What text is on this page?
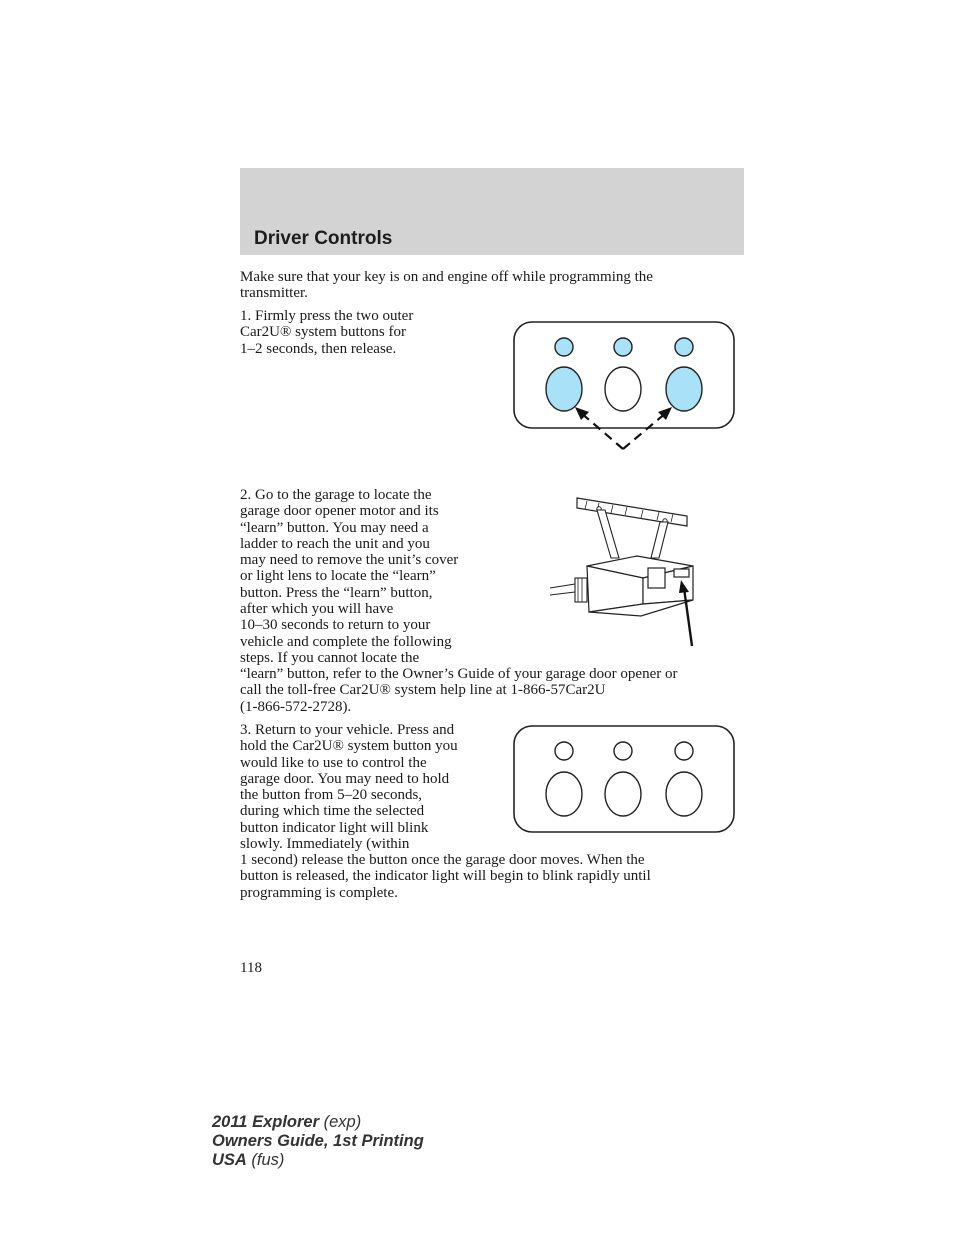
Driver Controls

Make sure that your key is on and engine off while programming the
transmitter.

1. Firmly press the two outer
Car2U® system buttons for
1–2 seconds, then release.

2. Go to the garage to locate the
garage door opener motor and its
“learn” button. You may need a
ladder to reach the unit and you
may need to remove the unit’s cover
or light lens to locate the “learn”
button. Press the “learn” button,
after which you will have
10–30 seconds to return to your
vehicle and complete the following
steps. If you cannot locate the

“learn” button, refer to the Owner’s Guide of your garage door opener or
call the toll-free Car2U® system help line at 1-866-57Car2U
(1-866-572-2728).

3. Return to your vehicle. Press and
hold the Car2U® system button you
would like to use to control the
garage door. You may need to hold
the button from 5–20 seconds,
during which time the selected
button indicator light will blink
slowly. Immediately (within

1 second) release the button once the garage door moves. When the
button is released, the indicator light will begin to blink rapidly until
programming is complete.

118

2011 Explorer (exp)
Owners Guide, 1st Printing
USA (fus)
